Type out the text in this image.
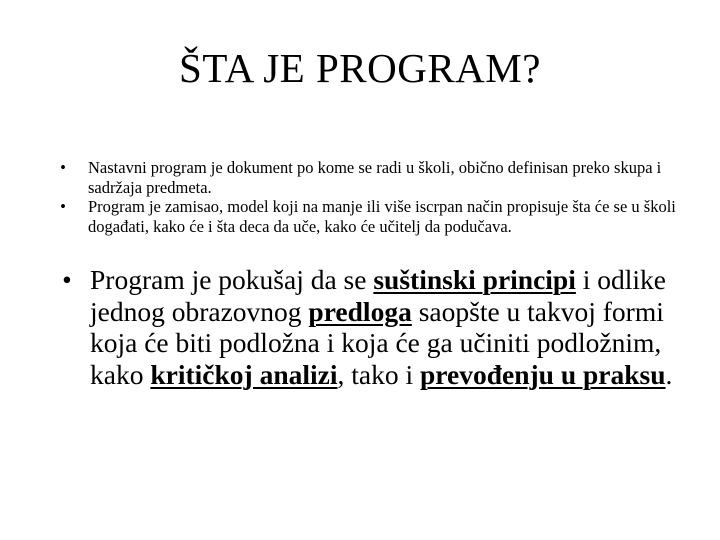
ŠTA JE PROGRAM?
• Nastavni program je dokument po kome se radi u školi, obično definisan preko skupa i sadržaja predmeta.
• Program je zamisao, model koji na manje ili više iscrpan način propisuje šta će se u školi događati, kako će i šta deca da uče, kako će učitelj da podučava.
• Program je pokušaj da se suštinski principi i odlike jednog obrazovnog predloga saopšte u takvoj formi koja će biti podložna i koja će ga učiniti podložnim, kako kritičkoj analizi, tako i prevođenju u praksu.
